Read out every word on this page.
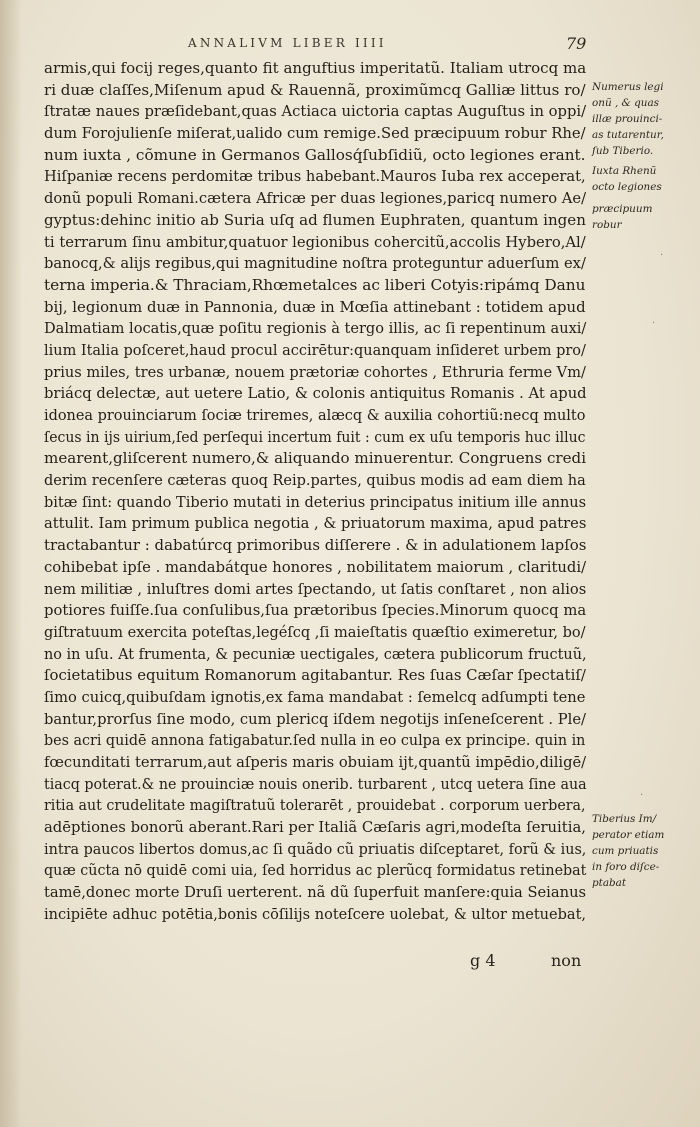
ANNALIVM LIBER IIII	79
armis,qui focij reges,quanto fit anguftius imperitatũ. Italiam utrocq ma
ri duæ claſſes,Miſenum apud & Rauennã, proximũmcq Galliæ littus ro/
ſtratæ naues præſidebant,quas Actiaca uictoria captas Auguſtus in oppi/
dum Forojulienſe miſerat,ualido cum remige.Sed præcipuum robur Rhe/
num iuxta , cõmune in Germanos Gallosq́ſubſidiũ, octo legiones erant.
Hiſpaniæ recens perdomitæ tribus habebant.Mauros Iuba rex acceperat,
donũ populi Romani.cætera Africæ per duas legiones,paricq numero Ae/
gyptus:dehinc initio ab Suria uſq ad flumen Euphraten, quantum ingen
ti terrarum ſinu ambitur,quatuor legionibus cohercitũ,accolis Hybero,Al/
banocq,& alijs regibus,qui magnitudine noſtra proteguntur aduerſum ex/
terna imperia.& Thraciam,Rhœmetalces ac liberi Cotyis:ripámq Danu
bij, legionum duæ in Pannonia, duæ in Mœſia attinebant : totidem apud
Dalmatiam locatis,quæ poſitu regionis à tergo illis, ac ſi repentinum auxi/
lium Italia poſceret,haud procul accirētur:quanquam inſideret urbem pro/
prius miles, tres urbanæ, nouem prætoriæ cohortes , Ethruria ferme Vm/
briácq delectæ, aut uetere Latio, & colonis antiquitus Romanis . At apud
idonea prouinciarum ſociæ triremes, alæcq & auxilia cohortiũ:necq multo
ſecus in ijs uirium,ſed perſequi incertum fuit : cum ex uſu temporis huc illuc
mearent,gliſcerent numero,& aliquando minuerentur. Congruens credi
derim recenſere cæteras quoq Reip.partes, quibus modis ad eam diem ha
bitæ ſint: quando Tiberio mutati in deterius principatus initium ille annus
attulit. Iam primum publica negotia , & priuatorum maxima, apud patres
tractabantur : dabatúrcq primoribus diſſerere . & in adulationem lapſos
cohibebat ipſe . mandabátque honores , nobilitatem maiorum , claritudi/
nem militiæ , inluſtres domi artes ſpectando, ut ſatis conſtaret , non alios
potiores fuiſſe.ſua conſulibus,ſua prætoribus ſpecies.Minorum quocq ma
giſtratuum exercita poteſtas,legéſcq ,ſi maieſtatis quæſtio eximeretur, bo/
no in uſu. At frumenta, & pecuniæ uectigales, cætera publicorum fructuũ,
ſocietatibus equitum Romanorum agitabantur. Res ſuas Cæſar ſpectatiſ/
ſimo cuicq,quibuſdam ignotis,ex fama mandabat : ſemelcq adſumpti tene
bantur,prorſus ſine modo, cum plericq iſdem negotijs inſeneſcerent . Ple/
bes acri quidē annona fatigabatur.ſed nulla in eo culpa ex principe. quin in
fœcunditati terrarum,aut aſperis maris obuiam ijt,quantũ impēdio,diligē/
tiacq poterat.& ne prouinciæ nouis onerib. turbarent , utcq uetera ſine aua
ritia aut crudelitate magiſtratuũ tolerarēt , prouidebat . corporum uerbera,
adēptiones bonorũ aberant.Rari per Italiã Cæſaris agri,modeſta ſeruitia,
intra paucos libertos domus,ac ſi quãdo cũ priuatis diſceptaret, forũ & ius,
quæ cũcta nō quidē comi uia, ſed horridus ac plerũcq formidatus retinebat
tamē,donec morte Druſi uerterent. nã dũ ſuperfuit manſere:quia Seianus
incipiēte adhuc potētia,bonis cōſilijs noteſcere uolebat, & ultor metuebat,
Numerus legi
onũ , & quas
illæ prouinci-
as tutarentur,
ſub Tiberio.
Iuxta Rhenũ
octo legiones
præcipuum
robur
Tiberius Im/
perator etiam
cum priuatis
in foro diſce-
ptabat
·
·
·
g 4	non
